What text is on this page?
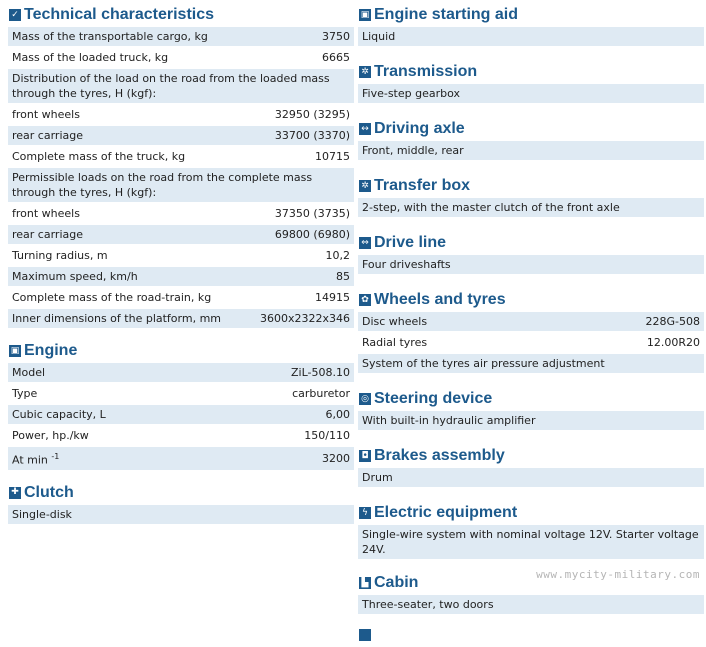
✓ Technical characteristics
Mass of the transportable cargo, kg	3750
Mass of the loaded truck, kg	6665
Distribution of the load on the road from the loaded mass through the tyres, H (kgf):	
front wheels	32950 (3295)
rear carriage	33700 (3370)
Complete mass of the truck, kg	10715
Permissible loads on the road from the complete mass through the tyres, H (kgf):	
front wheels	37350 (3735)
rear carriage	69800 (6980)
Turning radius, m	10,2
Maximum speed, km/h	85
Complete mass of the road-train, kg	14915
Inner dimensions of the platform, mm	3600x2322x346
▣ Engine
Model	ZiL-508.10
Type	carburetor
Cubic capacity, L	6,00
Power, hp./kw	150/110
At min $^{-1}$	3200
✚ Clutch
Single-disk
▣ Engine starting aid
Liquid
✲ Transmission
Five-step gearbox
↔ Driving axle
Front, middle, rear
✲ Transfer box
2-step, with the master clutch of the front axle
⇔ Drive line
Four driveshafts
✿ Wheels and tyres
Disc wheels	228G-508
Radial tyres	12.00R20
System of the tyres air pressure adjustment	
◎ Steering device
With built-in hydraulic amplifier
◘ Brakes assembly
Drum
ϟ Electric equipment
Single-wire system with nominal voltage 12V. Starter voltage 24V.
▙ Cabin
Three-seater, two doors
www.mycity-military.com
